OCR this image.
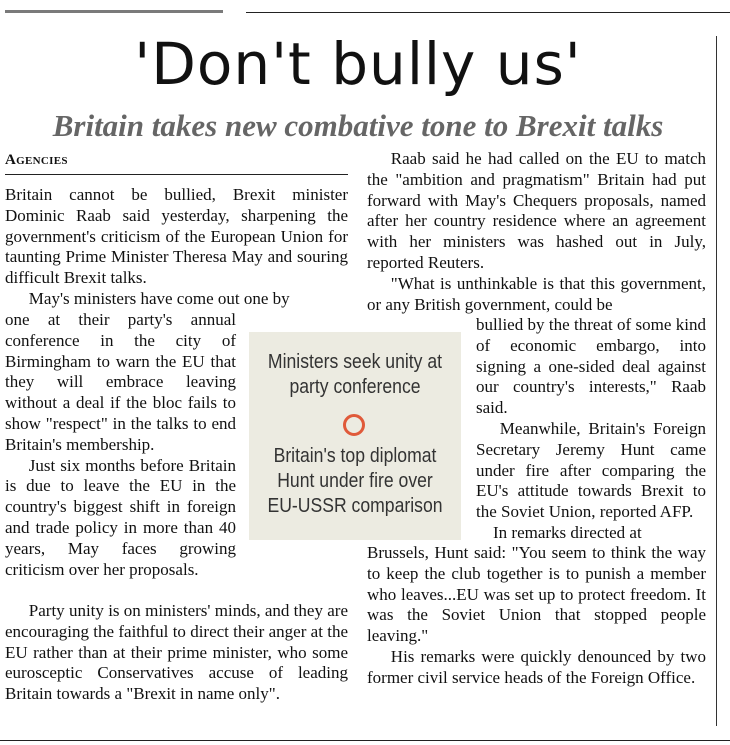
'Don't bully us'
Britain takes new combative tone to Brexit talks
Agencies

Britain cannot be bullied, Brexit minister Dominic Raab said yesterday, sharpening the government's criticism of the European Union for taunting Prime Minister Theresa May and souring difficult Brexit talks.

May's ministers have come out one by

one at their party's annual conference in the city of Birmingham to warn the EU that they will embrace leaving without a deal if the bloc fails to show "respect" in the talks to end Britain's membership.

Just six months before Britain is due to leave the EU in the country's biggest shift in foreign and trade policy in more than 40 years, May faces growing criticism over her proposals.

Party unity is on ministers' minds, and they are encouraging the faithful to direct their anger at the EU rather than at their prime minister, who some eurosceptic Conservatives accuse of leading Britain towards a "Brexit in name only".

Ministers seek unity at party conference
Britain's top diplomat Hunt under fire over EU-USSR comparison

Raab said he had called on the EU to match the "ambition and pragmatism" Britain had put forward with May's Chequers proposals, named after her country residence where an agreement with her ministers was hashed out in July, reported Reuters.

"What is unthinkable is that this government, or any British government, could be

bullied by the threat of some kind of economic embargo, into signing a one-sided deal against our country's interests," Raab said.

Meanwhile, Britain's Foreign Secretary Jeremy Hunt came under fire after comparing the EU's attitude towards Brexit to the Soviet Union, reported AFP.

In remarks directed at

Brussels, Hunt said: "You seem to think the way to keep the club together is to punish a member who leaves...EU was set up to protect freedom. It was the Soviet Union that stopped people leaving."

His remarks were quickly denounced by two former civil service heads of the Foreign Office.
